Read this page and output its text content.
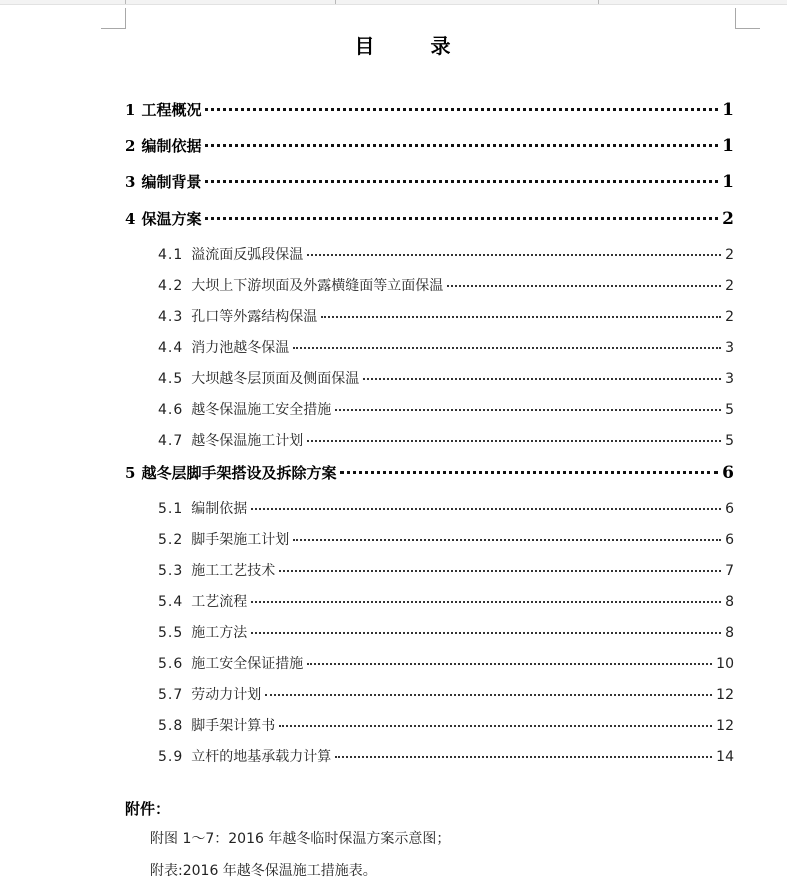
目　录
1 工程概况	1
2 编制依据	1
3 编制背景	1
4 保温方案	2
4.1 溢流面反弧段保温	2
4.2 大坝上下游坝面及外露横缝面等立面保温	2
4.3 孔口等外露结构保温	2
4.4 消力池越冬保温	3
4.5 大坝越冬层顶面及侧面保温	3
4.6 越冬保温施工安全措施	5
4.7 越冬保温施工计划	5
5 越冬层脚手架搭设及拆除方案	6
5.1 编制依据	6
5.2 脚手架施工计划	6
5.3 施工工艺技术	7
5.4 工艺流程	8
5.5 施工方法	8
5.6 施工安全保证措施	10
5.7 劳动力计划	12
5.8 脚手架计算书	12
5.9 立杆的地基承载力计算	14
附件：
附图 1～7：2016 年越冬临时保温方案示意图；
附表:2016 年越冬保温施工措施表。
